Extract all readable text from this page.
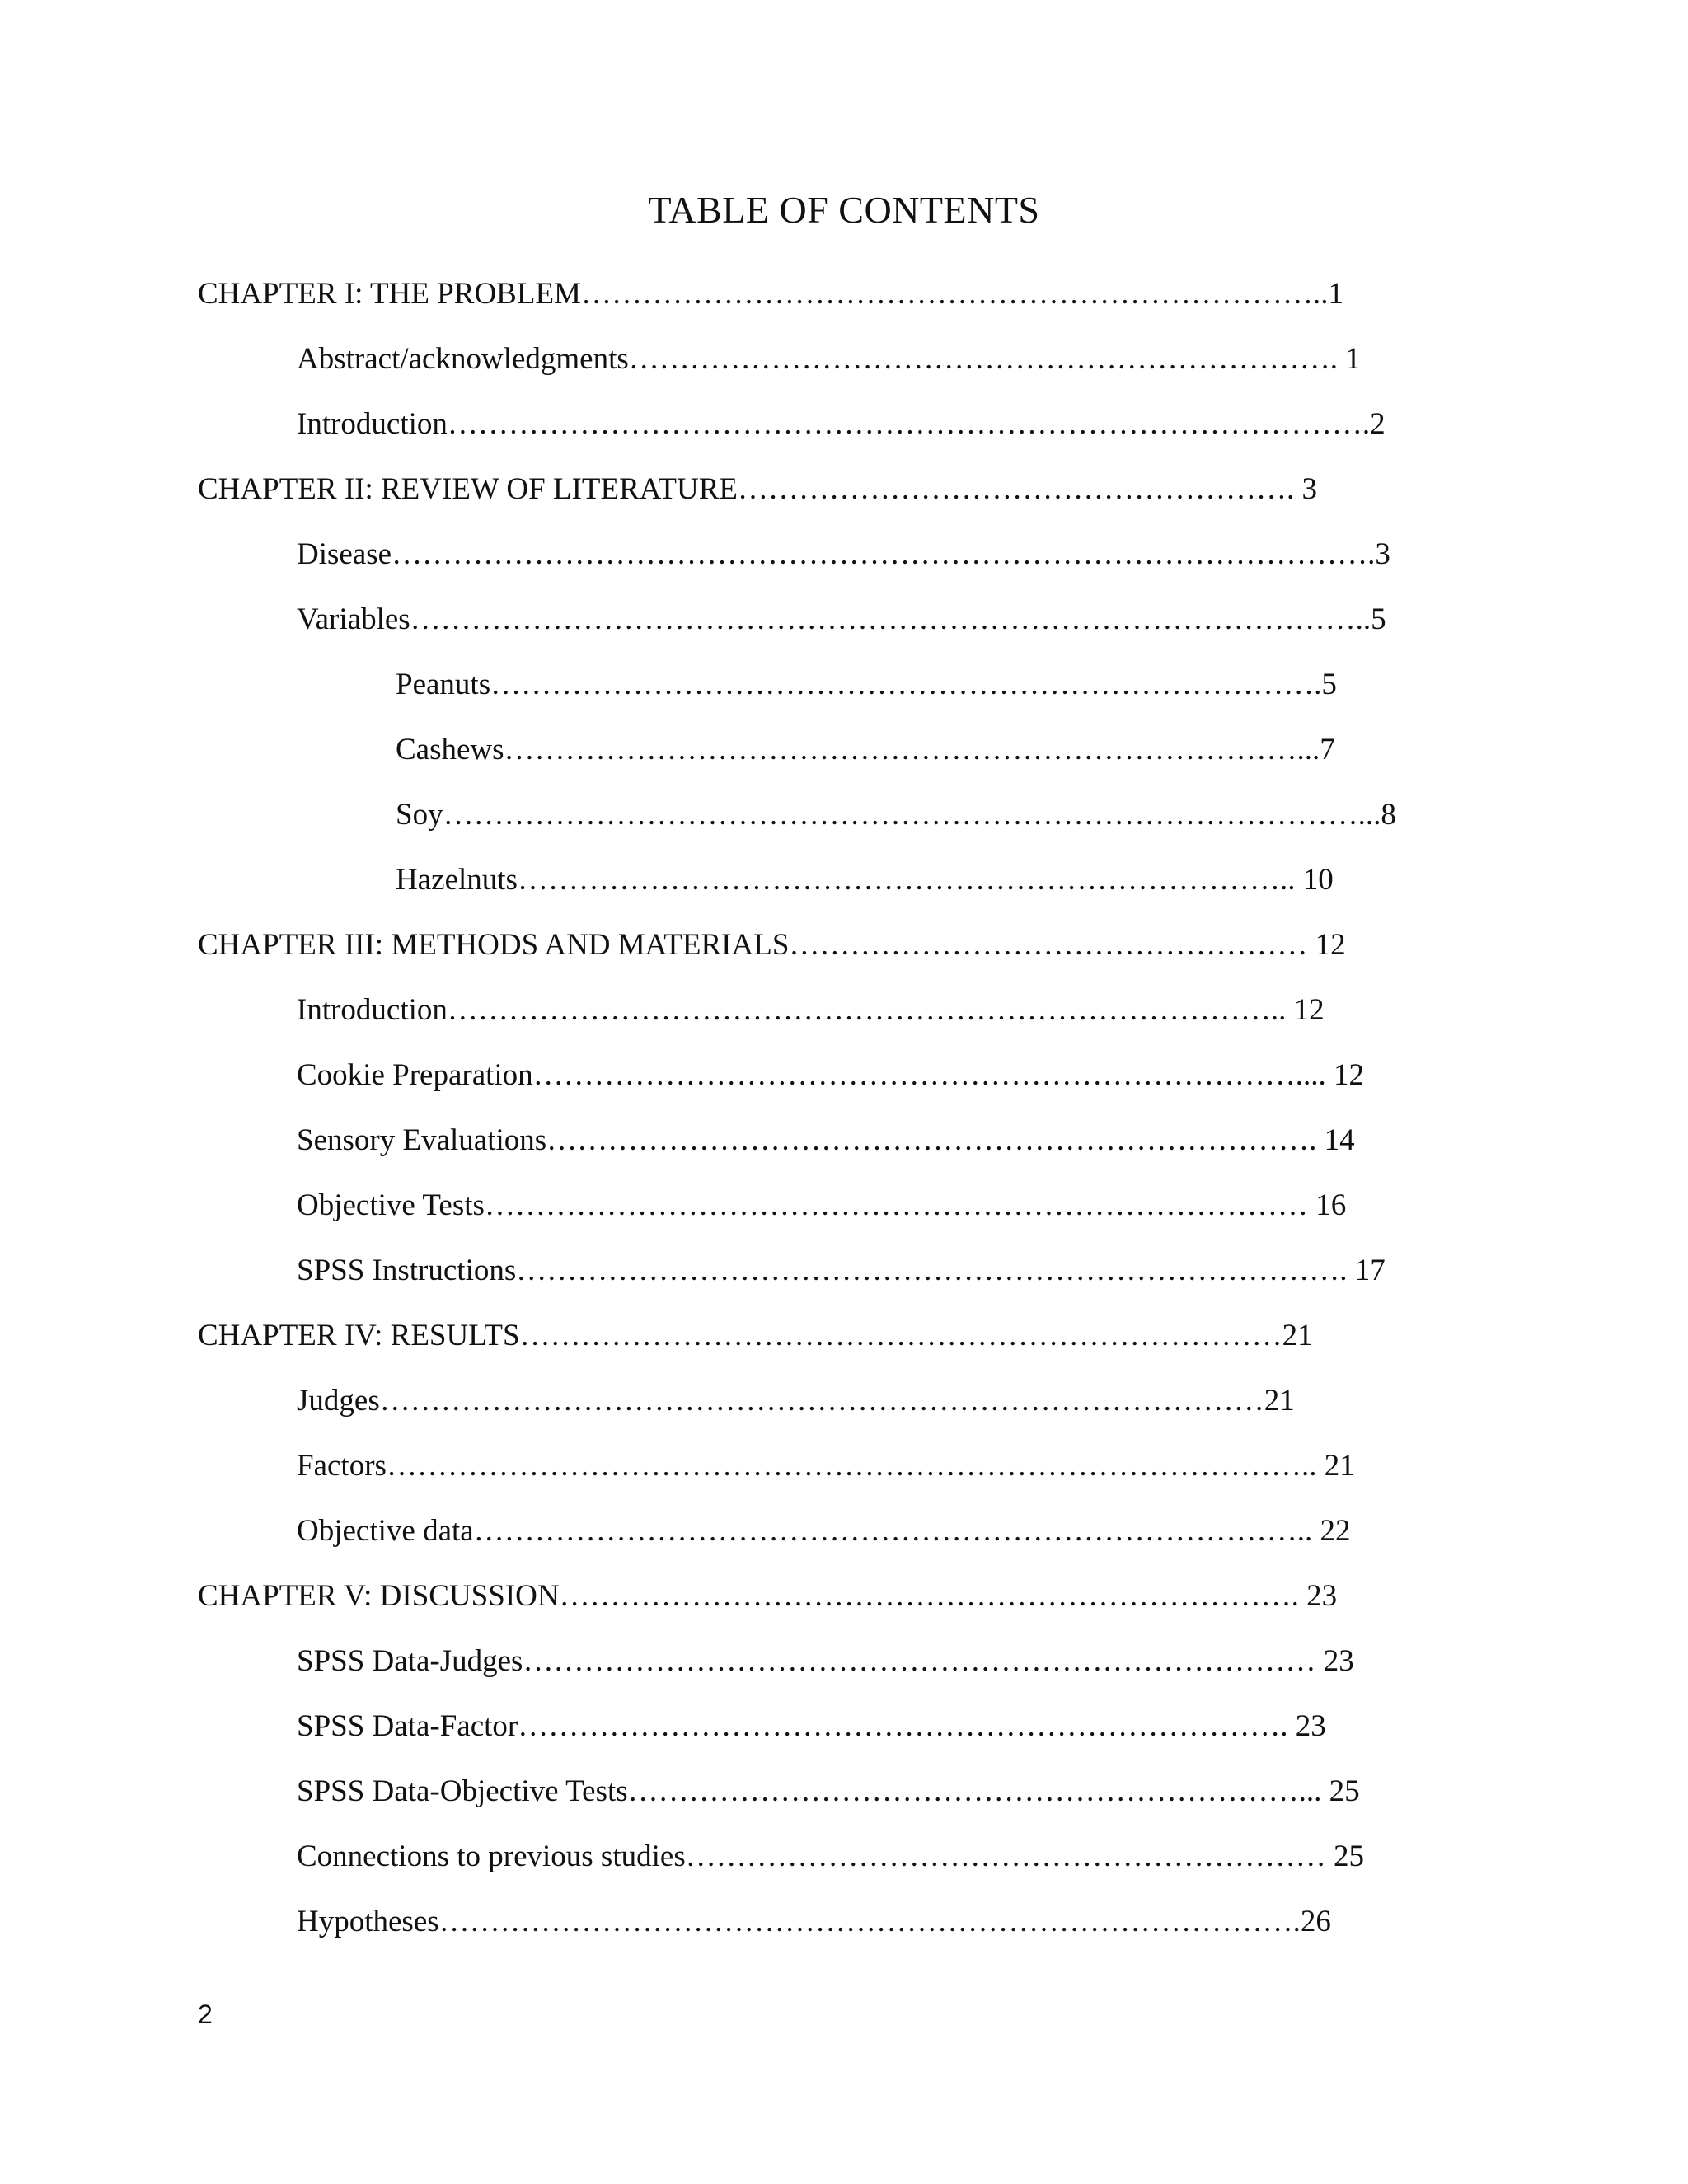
TABLE OF CONTENTS
CHAPTER I: THE PROBLEM………………………………………………………………..1
Abstract/acknowledgments……………………………………………………………. 1
Introduction……………………………………………………………………………….2
CHAPTER II: REVIEW OF LITERATURE………………………………………………. 3
Disease…………………………………………………………………………………….3
Variables…………………………………………………………………………………..5
Peanuts……………………………………………………………………….5
Cashews……………………………………………………………………...7
Soy………………………………………………………………………………...8
Hazelnuts………………………………………………………………….. 10
CHAPTER III: METHODS AND MATERIALS…………………………………………… 12
Introduction……………………………………………………………………….. 12
Cookie Preparation………………………………………………………………….... 12
Sensory Evaluations…………………………………………………………………. 14
Objective Tests……………………………………………………………………… 16
SPSS Instructions………………………………………………………………………. 17
CHAPTER IV: RESULTS…………………………………………………………………21
Judges……………………………………………………………………………21
Factors……………………………………………………………………………….. 21
Objective data……………………………………………………………………….. 22
CHAPTER V: DISCUSSION………………………………………………………………. 23
SPSS Data-Judges…………………………………………………………………… 23
SPSS Data-Factor…………………………………………………………………. 23
SPSS Data-Objective Tests…………………………………………………………... 25
Connections to previous studies……………………………………………………… 25
Hypotheses………………………………………………………………………….26
2
